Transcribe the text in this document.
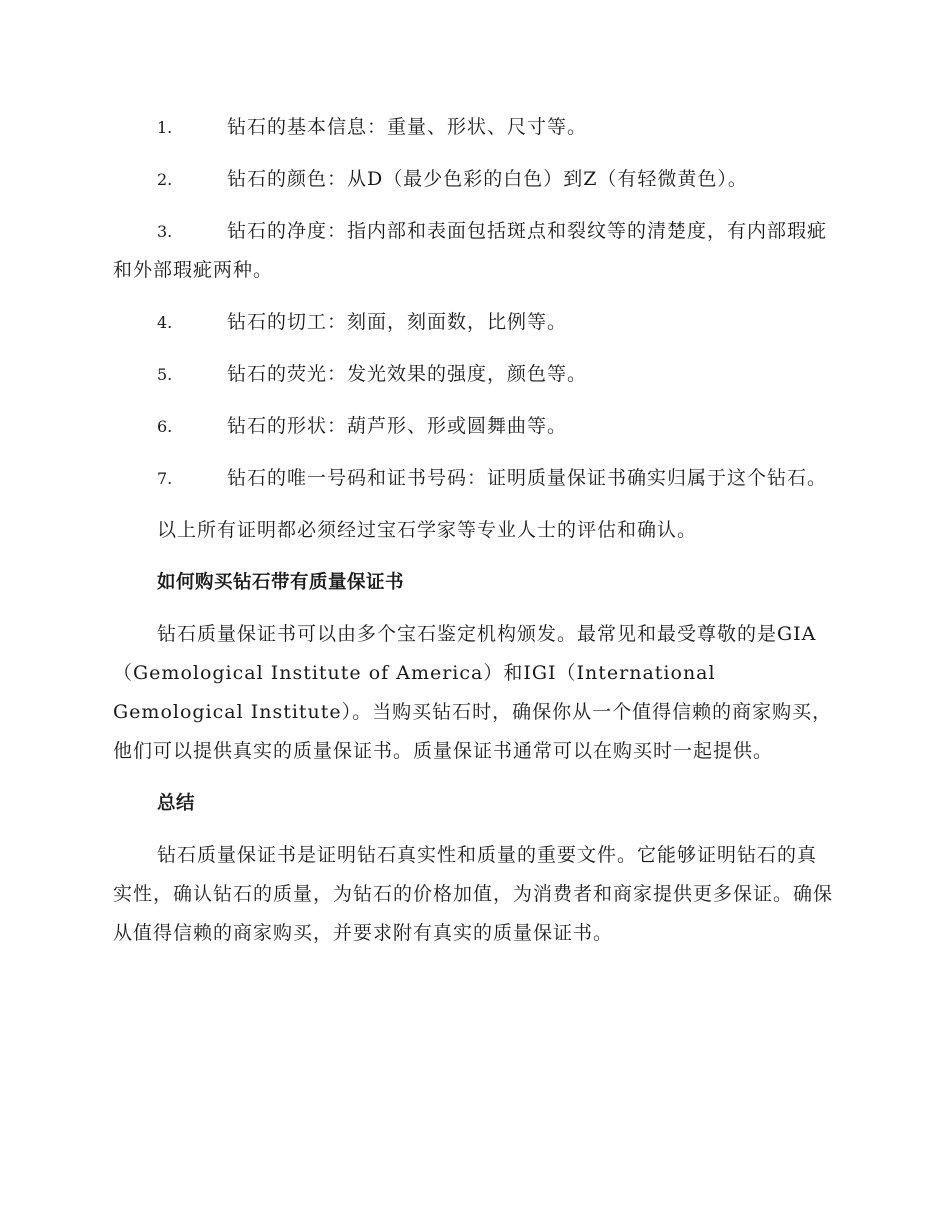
1.	钻石的基本信息：重量、形状、尺寸等。
2.	钻石的颜色：从D（最少色彩的白色）到Z（有轻微黄色）。
3.	钻石的净度：指内部和表面包括斑点和裂纹等的清楚度，有内部瑕疵和外部瑕疵两种。
4.	钻石的切工：刻面，刻面数，比例等。
5.	钻石的荧光：发光效果的强度，颜色等。
6.	钻石的形状：葫芦形、形或圆舞曲等。
7.	钻石的唯一号码和证书号码：证明质量保证书确实归属于这个钻石。

以上所有证明都必须经过宝石学家等专业人士的评估和确认。

如何购买钻石带有质量保证书

钻石质量保证书可以由多个宝石鉴定机构颁发。最常见和最受尊敬的是GIA（Gemological Institute of America）和IGI（International Gemological Institute）。当购买钻石时，确保你从一个值得信赖的商家购买，他们可以提供真实的质量保证书。质量保证书通常可以在购买时一起提供。

总结

钻石质量保证书是证明钻石真实性和质量的重要文件。它能够证明钻石的真实性，确认钻石的质量，为钻石的价格加值，为消费者和商家提供更多保证。确保从值得信赖的商家购买，并要求附有真实的质量保证书。
